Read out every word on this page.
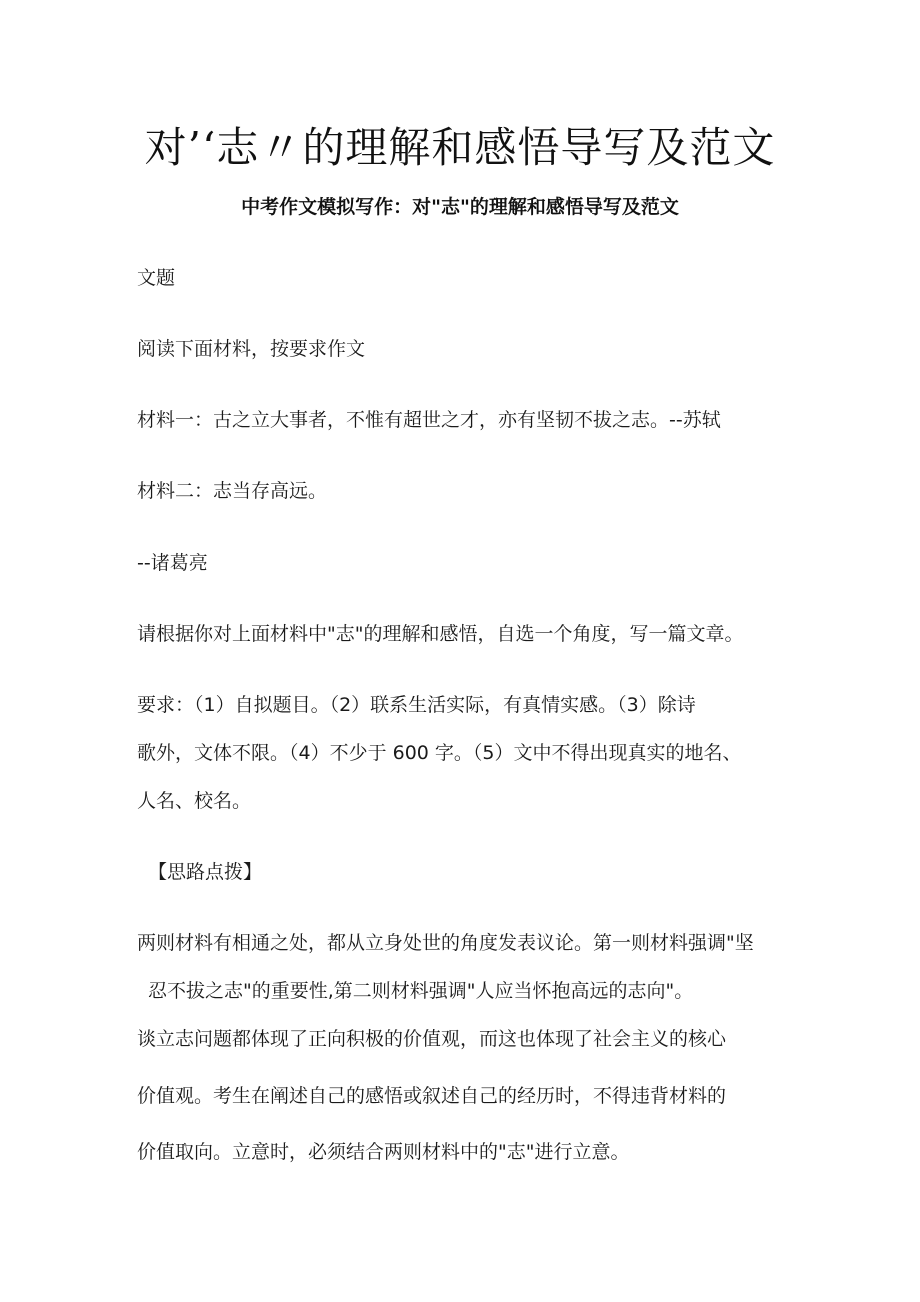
对’‘志〃的理解和感悟导写及范文
中考作文模拟写作：对"志"的理解和感悟导写及范文
文题
阅读下面材料，按要求作文
材料一：古之立大事者，不惟有超世之才，亦有坚韧不拔之志。--苏轼
材料二：志当存高远。
--诸葛亮
请根据你对上面材料中"志"的理解和感悟，自选一个角度，写一篇文章。
要求：（1）自拟题目。（2）联系生活实际，有真情实感。（3）除诗
歌外，文体不限。（4）不少于 600 字。（5）文中不得出现真实的地名、
人名、校名。
【思路点拨】
两则材料有相通之处，都从立身处世的角度发表议论。第一则材料强调"坚
忍不拔之志"的重要性,第二则材料强调"人应当怀抱高远的志向"。
谈立志问题都体现了正向积极的价值观，而这也体现了社会主义的核心
价值观。考生在阐述自己的感悟或叙述自己的经历时，不得违背材料的
价值取向。立意时，必须结合两则材料中的"志"进行立意。
